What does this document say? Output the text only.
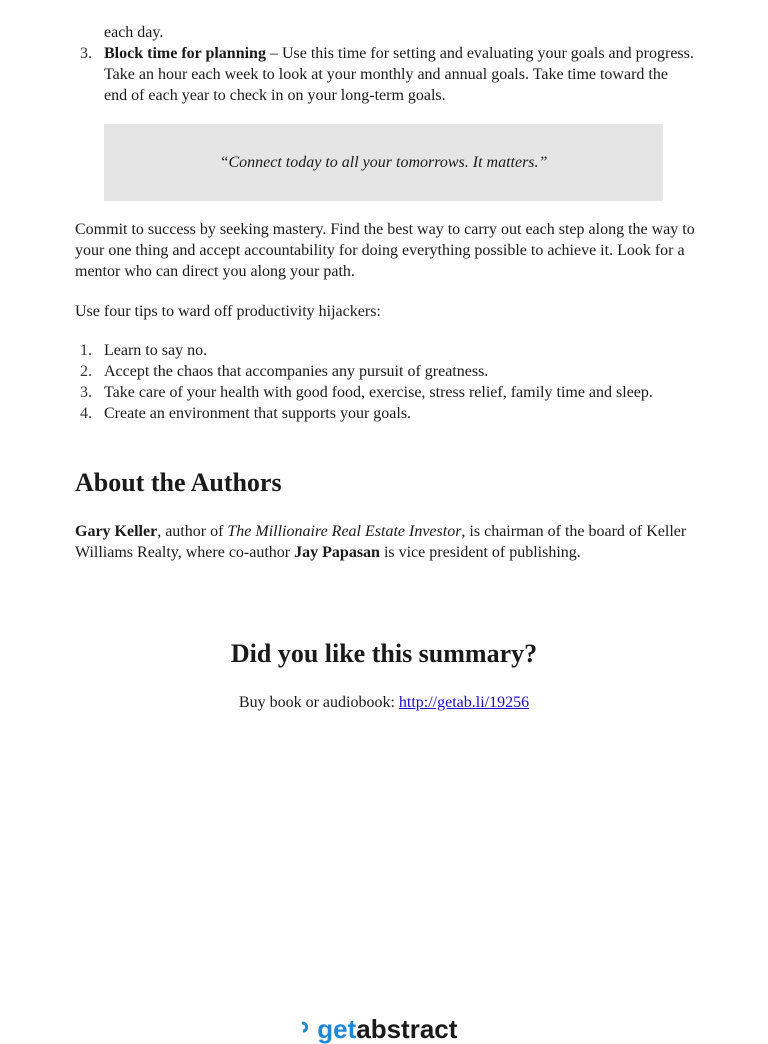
each day.
3. Block time for planning – Use this time for setting and evaluating your goals and progress. Take an hour each week to look at your monthly and annual goals. Take time toward the end of each year to check in on your long-term goals.
“Connect today to all your tomorrows. It matters.”

Commit to success by seeking mastery. Find the best way to carry out each step along the way to your one thing and accept accountability for doing everything possible to achieve it. Look for a mentor who can direct you along your path.

Use four tips to ward off productivity hijackers:

1. Learn to say no.
2. Accept the chaos that accompanies any pursuit of greatness.
3. Take care of your health with good food, exercise, stress relief, family time and sleep.
4. Create an environment that supports your goals.
About the Authors

Gary Keller, author of The Millionaire Real Estate Investor, is chairman of the board of Keller Williams Realty, where co-author Jay Papasan is vice president of publishing.

Did you like this summary?
Buy book or audiobook: http://getab.li/19256
getabstract
